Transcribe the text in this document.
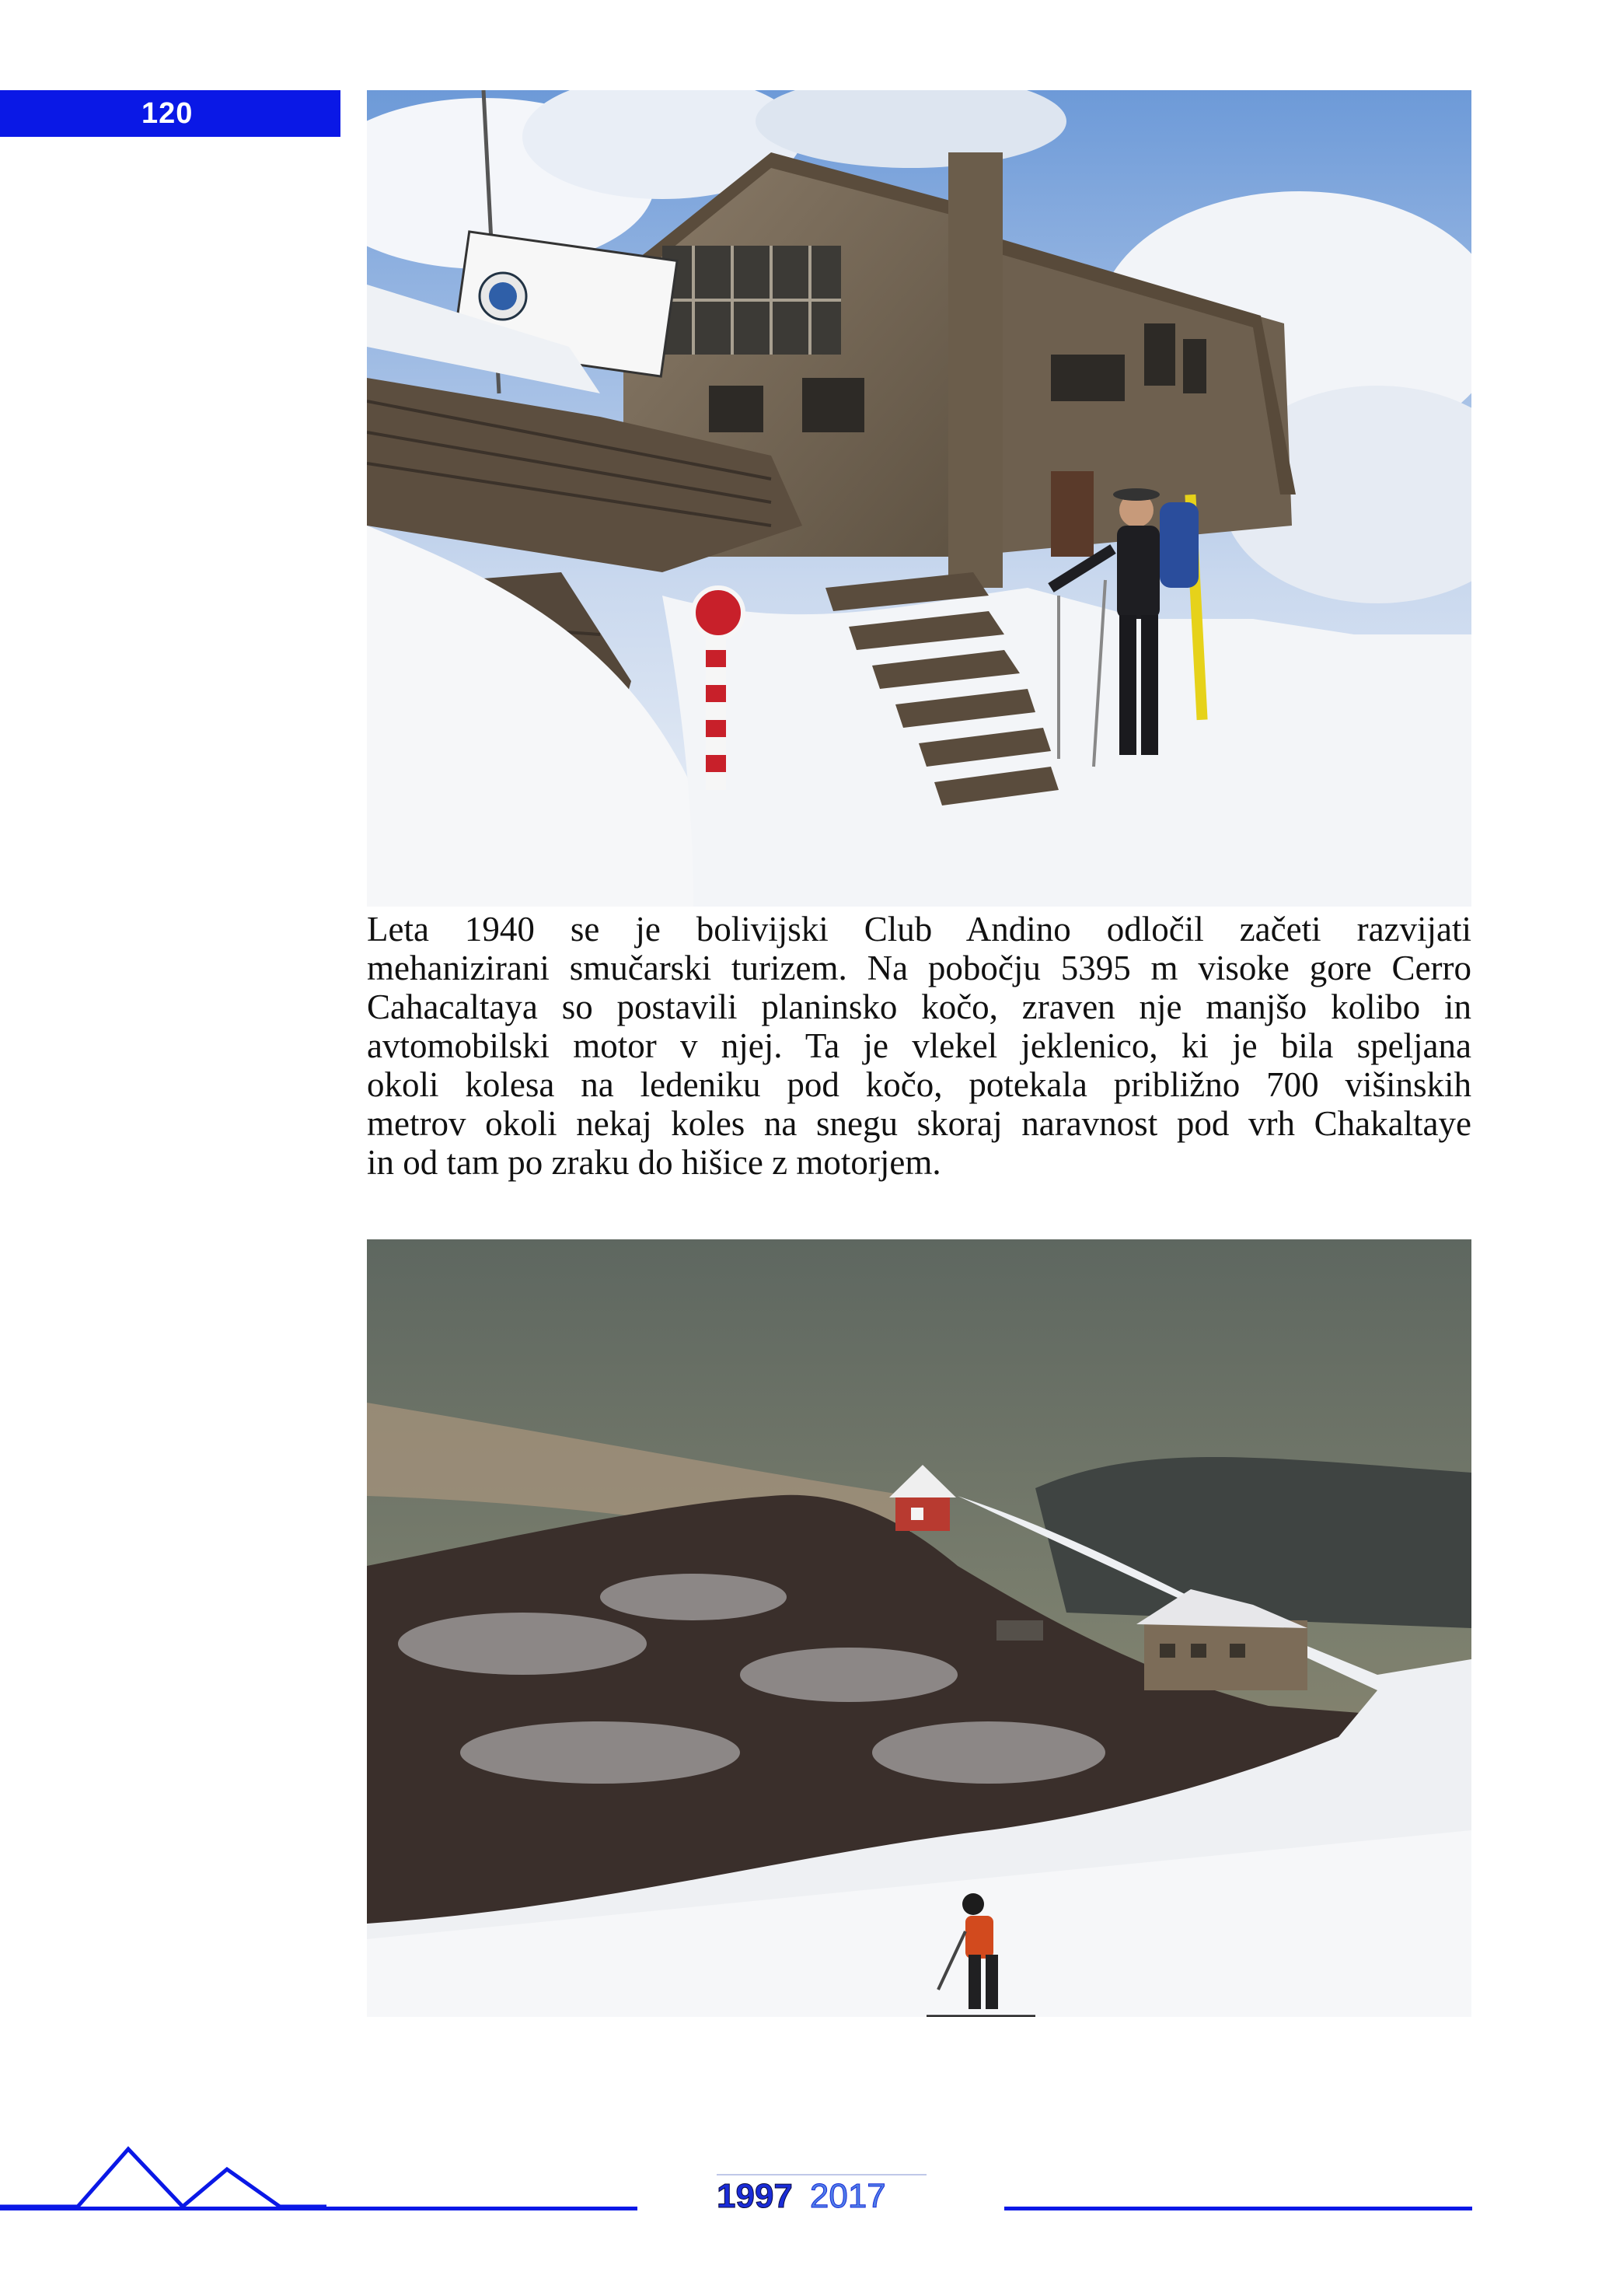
120
Leta 1940 se je bolivijski Club Andino odločil začeti razvijati
mehanizirani smučarski turizem. Na pobočju 5395 m visoke gore Cerro
Cahacaltaya so postavili planinsko kočo, zraven nje manjšo kolibo in
avtomobilski motor v njej. Ta je vlekel jeklenico, ki je bila speljana
okoli kolesa na ledeniku pod kočo, potekala približno 700 višinskih
metrov okoli nekaj koles na snegu skoraj naravnost pod vrh Chakaltaye
in od tam po zraku do hišice z motorjem.
1997 2017
